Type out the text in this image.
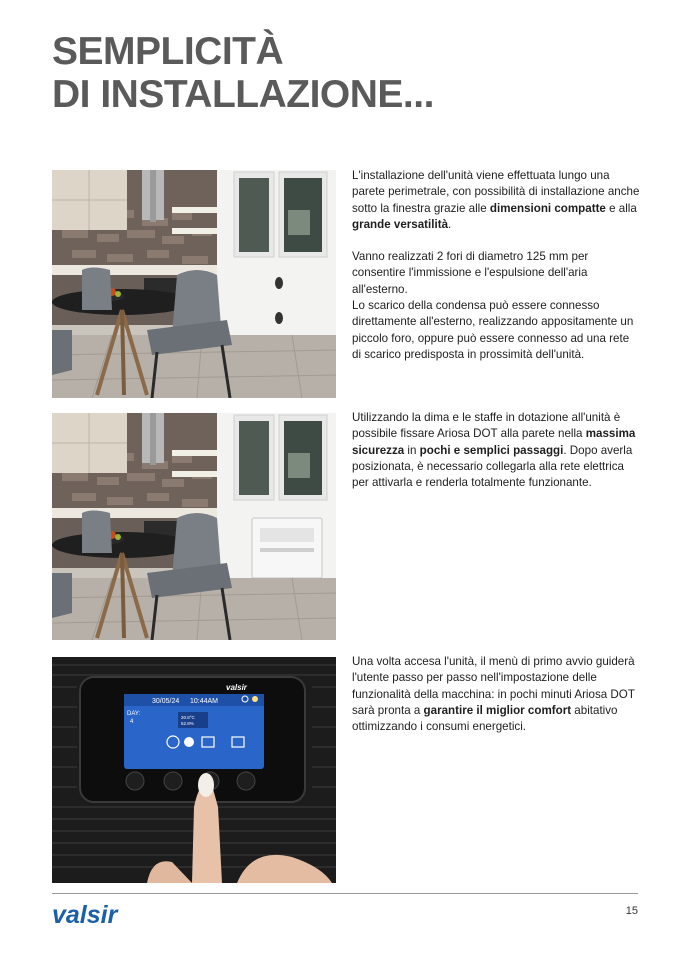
SEMPLICITÀ
DI INSTALLAZIONE...

L'installazione dell'unità viene effettuata lungo una parete perimetrale, con possibilità di installazione anche sotto la finestra grazie alle dimensioni compatte e alla grande versatilità.

Vanno realizzati 2 fori di diametro 125 mm per consentire l'immissione e l'espulsione dell'aria all'esterno.

Lo scarico della condensa può essere connesso direttamente all'esterno, realizzando appositamente un piccolo foro, oppure può essere connesso ad una rete di scarico predisposta in prossimità dell'unità.

Utilizzando la dima e le staffe in dotazione all'unità è possibile fissare Ariosa DOT alla parete nella massima sicurezza in pochi e semplici passaggi. Dopo averla posizionata, è necessario collegarla alla rete elettrica per attivarla e renderla totalmente funzionante.

30/05/24 10:44AM
valsir
DAY:
4
20.8°C
52.8%

Una volta accesa l'unità, il menù di primo avvio guiderà l'utente passo per passo nell'impostazione delle funzionalità della macchina: in pochi minuti Ariosa DOT sarà pronta a garantire il miglior comfort abitativo ottimizzando i consumi energetici.

valsir	15
